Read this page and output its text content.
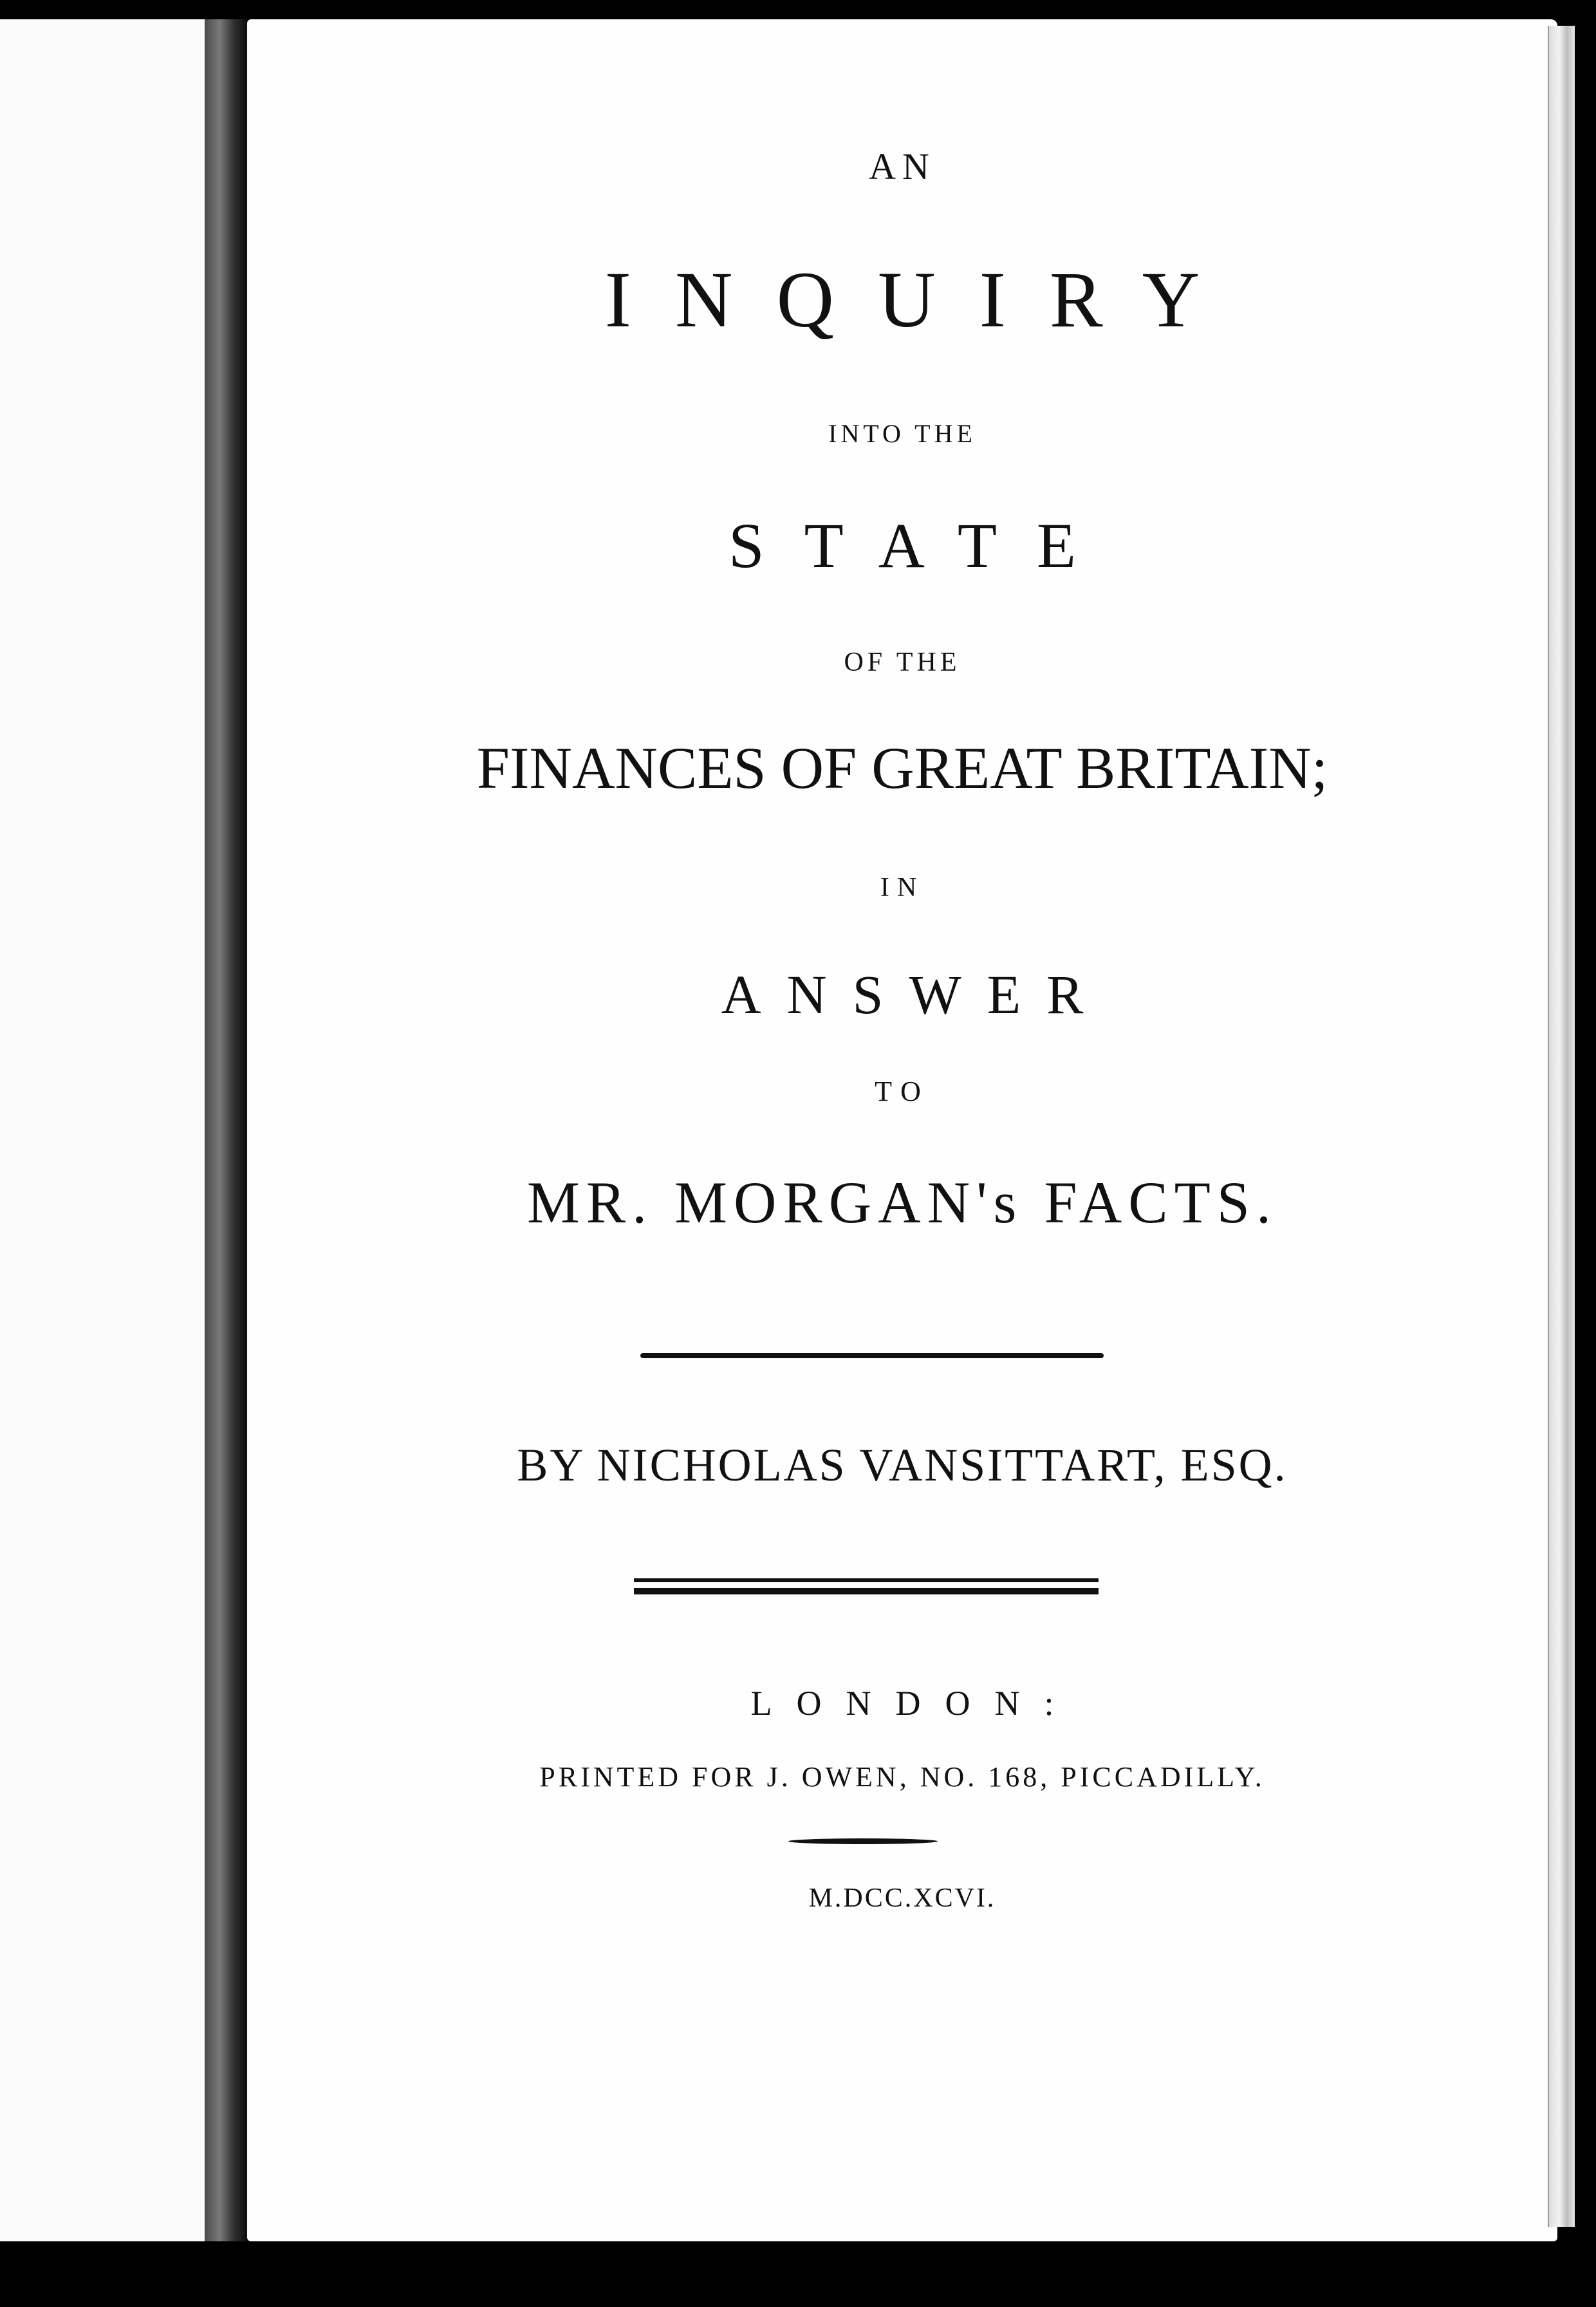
AN
INQUIRY
INTO THE
STATE
OF THE
FINANCES OF GREAT BRITAIN;
IN
ANSWER
TO
MR. MORGAN's FACTS.
BY NICHOLAS VANSITTART, ESQ.
LONDON:
PRINTED FOR J. OWEN, NO. 168, PICCADILLY.
M.DCC.XCVI.
